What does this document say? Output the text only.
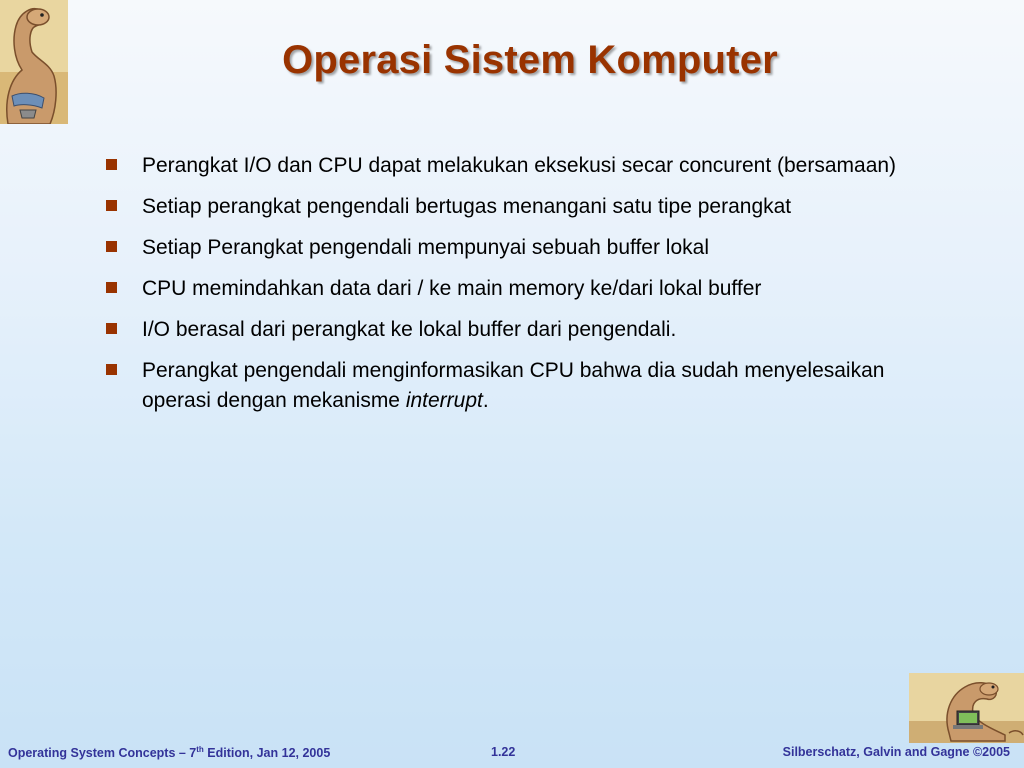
Operasi Sistem Komputer
Perangkat I/O dan CPU dapat melakukan eksekusi secar concurent (bersamaan)
Setiap perangkat pengendali bertugas menangani satu tipe perangkat
Setiap Perangkat pengendali mempunyai sebuah buffer lokal
CPU memindahkan data dari / ke main memory ke/dari lokal buffer
I/O berasal dari perangkat ke lokal buffer dari pengendali.
Perangkat pengendali menginformasikan CPU bahwa dia sudah menyelesaikan operasi dengan mekanisme interrupt.
Operating System Concepts – 7th Edition, Jan 12, 2005	1.22	Silberschatz, Galvin and Gagne ©2005
